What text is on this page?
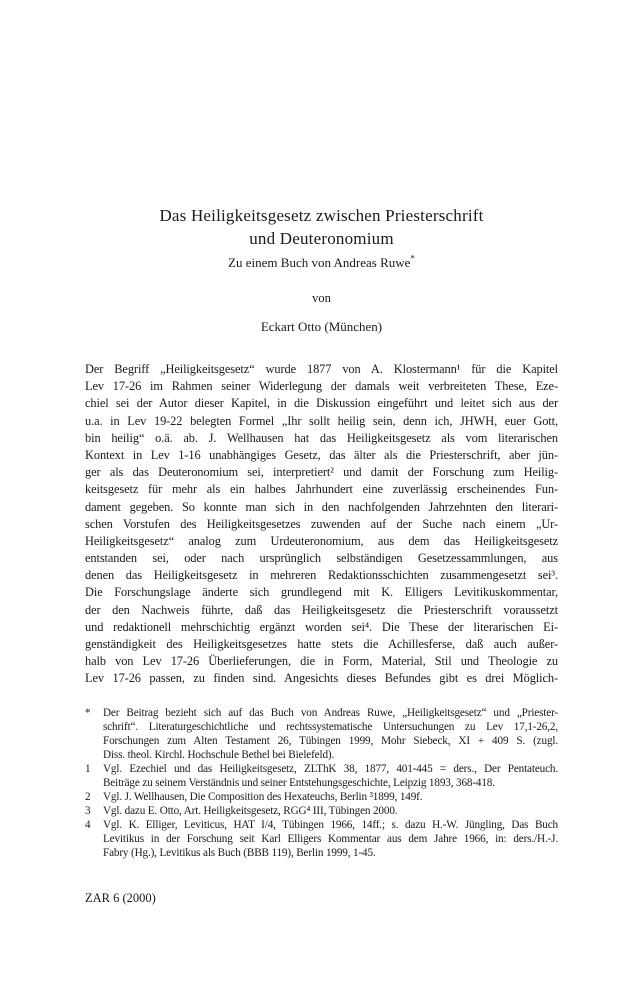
Das Heiligkeitsgesetz zwischen Priesterschrift
und Deuteronomium
Zu einem Buch von Andreas Ruwe*
von
Eckart Otto (München)
Der Begriff „Heiligkeitsgesetz“ wurde 1877 von A. Klostermann¹ für die Kapitel
Lev 17-26 im Rahmen seiner Widerlegung der damals weit verbreiteten These, Eze-
chiel sei der Autor dieser Kapitel, in die Diskussion eingeführt und leitet sich aus der
u.a. in Lev 19-22 belegten Formel „Ihr sollt heilig sein, denn ich, JHWH, euer Gott,
bin heilig“ o.ä. ab. J. Wellhausen hat das Heiligkeitsgesetz als vom literarischen
Kontext in Lev 1-16 unabhängiges Gesetz, das älter als die Priesterschrift, aber jün-
ger als das Deuteronomium sei, interpretiert² und damit der Forschung zum Heilig-
keitsgesetz für mehr als ein halbes Jahrhundert eine zuverlässig erscheinendes Fun-
dament gegeben. So konnte man sich in den nachfolgenden Jahrzehnten den literari-
schen Vorstufen des Heiligkeitsgesetzes zuwenden auf der Suche nach einem „Ur-
Heiligkeitsgesetz“ analog zum Urdeuteronomium, aus dem das Heiligkeitsgesetz
entstanden sei, oder nach ursprünglich selbständigen Gesetzessammlungen, aus
denen das Heiligkeitsgesetz in mehreren Redaktionsschichten zusammengesetzt sei³.
Die Forschungslage änderte sich grundlegend mit K. Elligers Levitikuskommentar,
der den Nachweis führte, daß das Heiligkeitsgesetz die Priesterschrift voraussetzt
und redaktionell mehrschichtig ergänzt worden sei⁴. Die These der literarischen Ei-
genständigkeit des Heiligkeitsgesetzes hatte stets die Achillesferse, daß auch außer-
halb von Lev 17-26 Überlieferungen, die in Form, Material, Stil und Theologie zu
Lev 17-26 passen, zu finden sind. Angesichts dieses Befundes gibt es drei Möglich-
* Der Beitrag bezieht sich auf das Buch von Andreas Ruwe, „Heiligkeitsgesetz“ und „Priester-
schrift“. Literaturgeschichtliche und rechtssystematische Untersuchungen zu Lev 17,1-26,2,
Forschungen zum Alten Testament 26, Tübingen 1999, Mohr Siebeck, XI + 409 S. (zugl.
Diss. theol. Kirchl. Hochschule Bethel bei Bielefeld).
1 Vgl. Ezechiel und das Heiligkeitsgesetz, ZLThK 38, 1877, 401-445 = ders., Der Pentateuch.
Beiträge zu seinem Verständnis und seiner Entstehungsgeschichte, Leipzig 1893, 368-418.
2 Vgl. J. Wellhausen, Die Composition des Hexateuchs, Berlin ³1899, 149f.
3 Vgl. dazu E. Otto, Art. Heiligkeitsgesetz, RGG⁴ III, Tübingen 2000.
4 Vgl. K. Elliger, Leviticus, HAT I/4, Tübingen 1966, 14ff.; s. dazu H.-W. Jüngling, Das Buch
Levitikus in der Forschung seit Karl Elligers Kommentar aus dem Jahre 1966, in: ders./H.-J.
Fabry (Hg.), Levitikus als Buch (BBB 119), Berlin 1999, 1-45.
ZAR 6 (2000)
